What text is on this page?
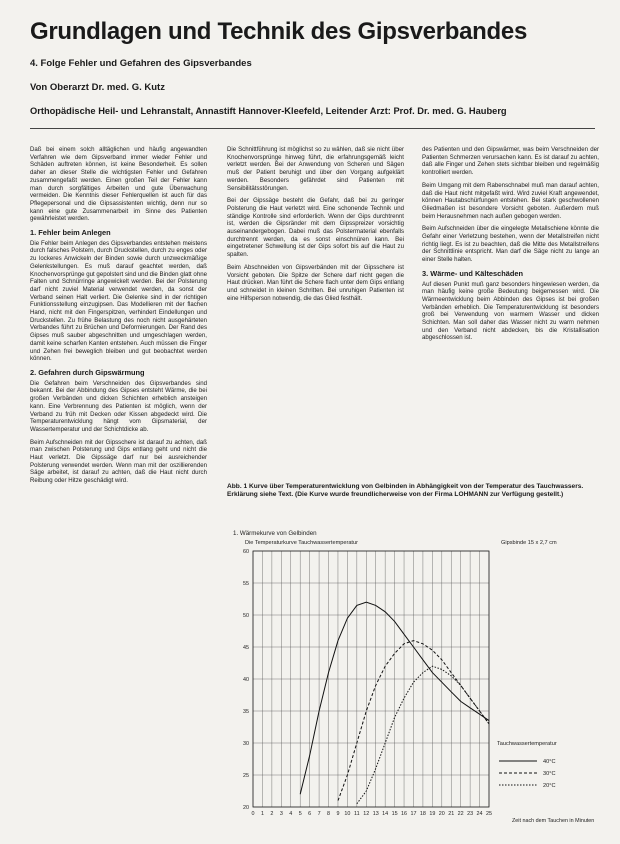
Grundlagen und Technik des Gipsverbandes
4. Folge Fehler und Gefahren des Gipsverbandes
Von Oberarzt Dr. med. G. Kutz
Orthopädische Heil- und Lehranstalt, Annastift Hannover-Kleefeld, Leitender Arzt: Prof. Dr. med. G. Hauberg

Daß bei einem solch alltäglichen und häufig angewandten Verfahren wie dem Gipsverband immer wieder Fehler und Schäden auftreten können, ist keine Besonderheit. Es sollen daher an dieser Stelle die wichtigsten Fehler und Gefahren zusammengefaßt werden. Einen großen Teil der Fehler kann man durch sorgfältiges Arbeiten und gute Überwachung vermeiden. Die Kenntnis dieser Fehlerquellen ist auch für das Pflegepersonal und die Gipsassistenten wichtig, denn nur so kann eine gute Zusammenarbeit im Sinne des Patienten gewährleistet werden.

1. Fehler beim Anlegen

Die Fehler beim Anlegen des Gipsverbandes entstehen meistens durch falsches Polstern, durch Druckstellen, durch zu enges oder zu lockeres Anwickeln der Binden sowie durch unzweckmäßige Gelenkstellungen. Es muß darauf geachtet werden, daß Knochenvorsprünge gut gepolstert sind und die Binden glatt ohne Falten und Schnürringe angewickelt werden. Bei der Polsterung darf nicht zuviel Material verwendet werden, da sonst der Verband seinen Halt verliert. Die Gelenke sind in der richtigen Funktionsstellung einzugipsen. Das Modellieren mit der flachen Hand, nicht mit den Fingerspitzen, verhindert Eindellungen und Druckstellen. Zu frühe Belastung des noch nicht ausgehärteten Verbandes führt zu Brüchen und Deformierungen. Der Rand des Gipses muß sauber abgeschnitten und umgeschlagen werden, damit keine scharfen Kanten entstehen. Auch müssen die Finger und Zehen frei beweglich bleiben und gut beobachtet werden können.

2. Gefahren durch Gipswärmung

Die Gefahren beim Verschneiden des Gipsverbandes sind bekannt. Bei der Abbindung des Gipses entsteht Wärme, die bei großen Verbänden und dicken Schichten erheblich ansteigen kann. Eine Verbrennung des Patienten ist möglich, wenn der Verband zu früh mit Decken oder Kissen abgedeckt wird. Die Temperaturentwicklung hängt vom Gipsmaterial, der Wassertemperatur und der Schichtdicke ab.

Beim Aufschneiden mit der Gipsschere ist darauf zu achten, daß man zwischen Polsterung und Gips entlang geht und nicht die Haut verletzt. Die Gipssäge darf nur bei ausreichender Polsterung verwendet werden. Wenn man mit der oszillierenden Säge arbeitet, ist darauf zu achten, daß die Haut nicht durch Reibung oder Hitze geschädigt wird.

Die Schnittführung ist möglichst so zu wählen, daß sie nicht über Knochenvorsprünge hinweg führt, die erfahrungsgemäß leicht verletzt werden. Bei der Anwendung von Scheren und Sägen muß der Patient beruhigt und über den Vorgang aufgeklärt werden. Besonders gefährdet sind Patienten mit Sensibilitätsstörungen.

Bei der Gipssäge besteht die Gefahr, daß bei zu geringer Polsterung die Haut verletzt wird. Eine schonende Technik und ständige Kontrolle sind erforderlich. Wenn der Gips durchtrennt ist, werden die Gipsränder mit dem Gipsspreizer vorsichtig auseinandergebogen. Dabei muß das Polstermaterial ebenfalls durchtrennt werden, da es sonst einschnüren kann. Bei eingetretener Schwellung ist der Gips sofort bis auf die Haut zu spalten.

Beim Abschneiden von Gipsverbänden mit der Gipsschere ist Vorsicht geboten. Die Spitze der Schere darf nicht gegen die Haut drücken. Man führt die Schere flach unter dem Gips entlang und schneidet in kleinen Schritten. Bei unruhigen Patienten ist eine Hilfsperson notwendig, die das Glied festhält.

des Patienten und den Gipswärmer, was beim Verschneiden der Patienten Schmerzen verursachen kann. Es ist darauf zu achten, daß alle Finger und Zehen stets sichtbar bleiben und regelmäßig kontrolliert werden.

Beim Umgang mit dem Rabenschnabel muß man darauf achten, daß die Haut nicht mitgefaßt wird. Wird zuviel Kraft angewendet, können Hautabschürfungen entstehen. Bei stark geschwollenen Gliedmaßen ist besondere Vorsicht geboten. Außerdem muß beim Herausnehmen nach außen gebogen werden.

Beim Aufschneiden über die eingelegte Metallschiene könnte die Gefahr einer Verletzung bestehen, wenn der Metallstreifen nicht richtig liegt. Es ist zu beachten, daß die Mitte des Metallstreifens der Schnittlinie entspricht. Man darf die Säge nicht zu lange an einer Stelle halten.

3. Wärme- und Kälteschäden

Auf diesen Punkt muß ganz besonders hingewiesen werden, da man häufig keine große Bedeutung beigemessen wird. Die Wärmeentwicklung beim Abbinden des Gipses ist bei großen Verbänden erheblich. Die Temperaturentwicklung ist besonders groß bei Verwendung von warmem Wasser und dicken Schichten. Man soll daher das Wasser nicht zu warm nehmen und den Verband nicht abdecken, bis die Kristallisation abgeschlossen ist.

Abb. 1 Kurve über Temperaturentwicklung von Gelbinden in Abhängigkeit von der Temperatur des Tauchwassers. Erklärung siehe Text. (Die Kurve wurde freundlicherweise von der Firma LOHMANN zur Verfügung gestellt.)
1. Wärmekurve von Gelbinden
Die Temperaturkurve Tauchwassertemperatur	Gipsbinde 15 x 2,7 cm
0 1 2 3 4 5 6 7 8 9 10 11 12 13 14 15 16 17 18 19 20 21 22 23 24 25
20
25
30
35
40
45
50
55
60
Zeit nach dem Tauchen in Minuten
Tauchwassertemperatur
40°C
30°C
20°C
